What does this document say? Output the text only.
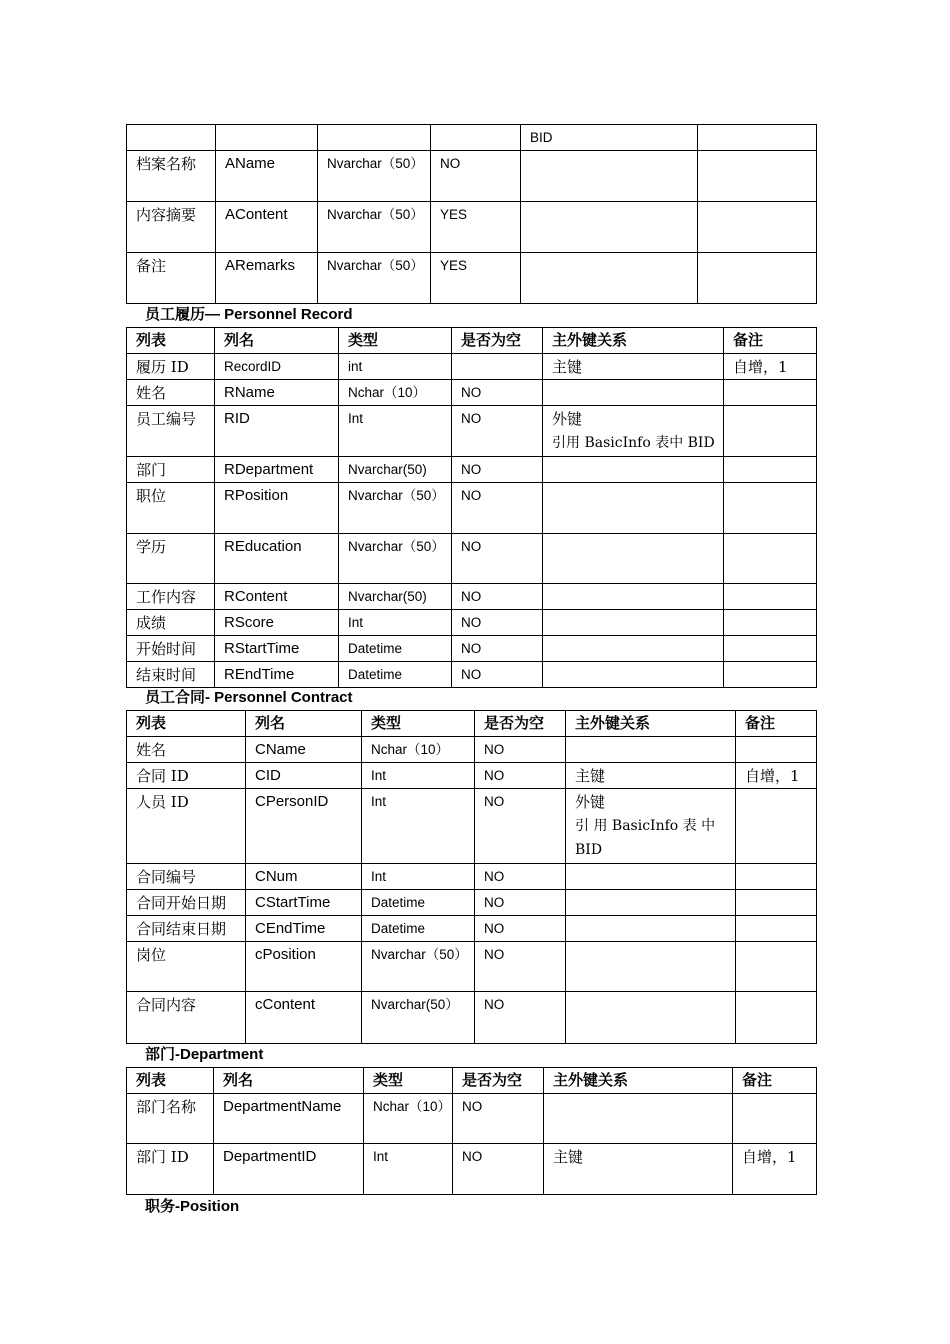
				BID	
档案名称	AName	Nvarchar（50）	NO		
内容摘要	AContent	Nvarchar（50）	YES		
备注	ARemarks	Nvarchar（50）	YES		
员工履历— Personnel Record
列表	列名	类型	是否为空	主外键关系	备注
履历 ID	RecordID	int		主键	自增，1
姓名	RName	Nchar（10）	NO		
员工编号	RID	Int	NO	外键
引用 BasicInfo 表中 BID	

部门	RDepartment	Nvarchar(50)	NO		
职位	RPosition	Nvarchar（50）	NO		
学历	REducation	Nvarchar（50）	NO		
工作内容	RContent	Nvarchar(50)	NO		
成绩	RScore	Int	NO		
开始时间	RStartTime	Datetime	NO		
结束时间	REndTime	Datetime	NO		
员工合同- Personnel Contract
列表	列名	类型	是否为空	主外键关系	备注
姓名	CName	Nchar（10）	NO		
合同 ID	CID	Int	NO	主键	自增，1
人员 ID	CPersonID	Int	NO	外键
引 用 BasicInfo 表 中 BID	

合同编号	CNum	Int	NO		
合同开始日期	CStartTime	Datetime	NO		
合同结束日期	CEndTime	Datetime	NO		
岗位	cPosition	Nvarchar（50）	NO		
合同内容	cContent	Nvarchar(50）	NO		
部门-Department
列表	列名	类型	是否为空	主外键关系	备注
部门名称	DepartmentName	Nchar（10）	NO		
部门 ID	DepartmentID	Int	NO	主键	自增，1
职务-Position
